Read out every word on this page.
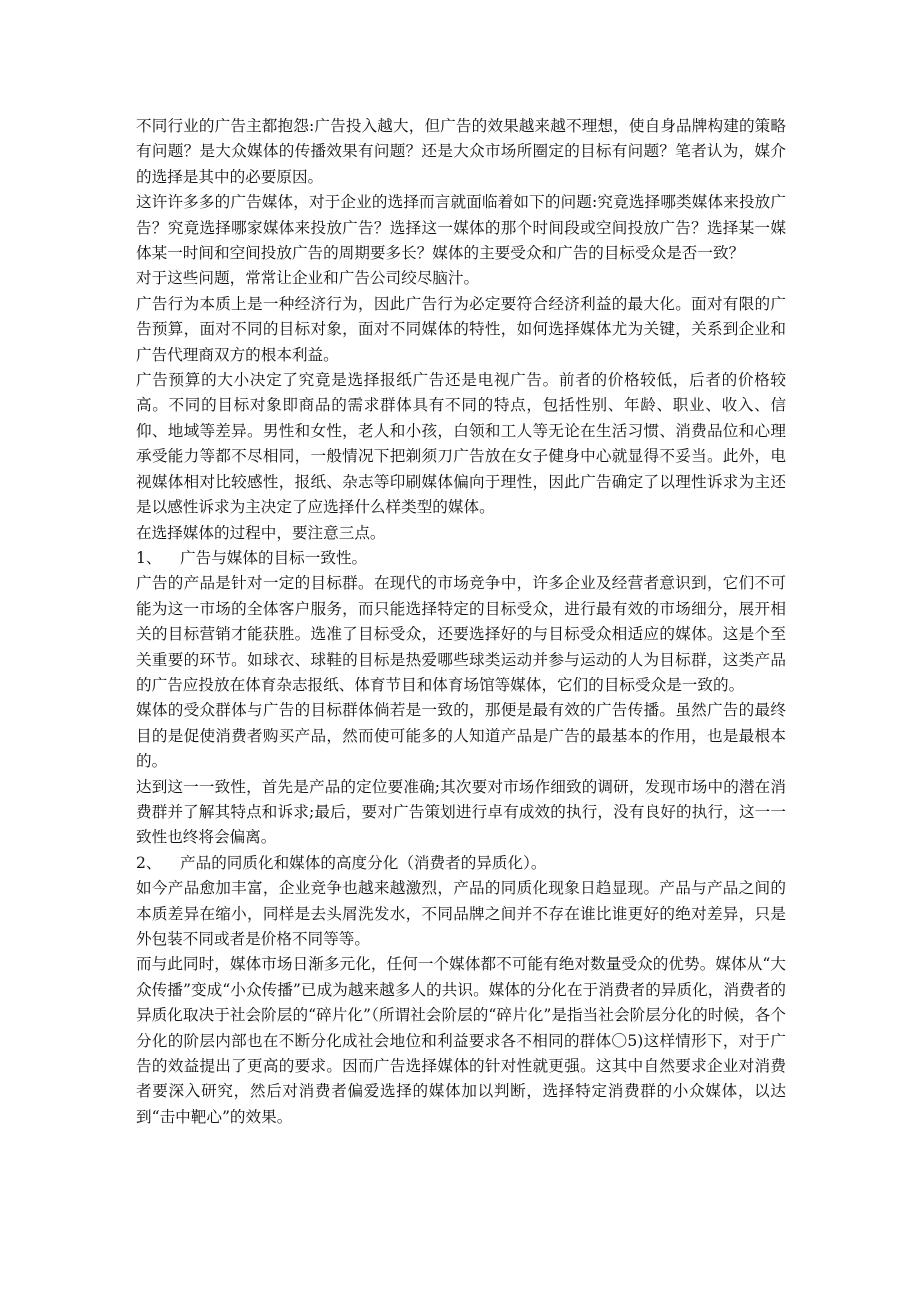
不同行业的广告主都抱怨:广告投入越大，但广告的效果越来越不理想，使自身品牌构建的策略有问题？是大众媒体的传播效果有问题？还是大众市场所圈定的目标有问题？笔者认为，媒介的选择是其中的必要原因。

这许许多多的广告媒体，对于企业的选择而言就面临着如下的问题:究竟选择哪类媒体来投放广告？究竟选择哪家媒体来投放广告？选择这一媒体的那个时间段或空间投放广告？选择某一媒体某一时间和空间投放广告的周期要多长？媒体的主要受众和广告的目标受众是否一致？

对于这些问题，常常让企业和广告公司绞尽脑汁。

广告行为本质上是一种经济行为，因此广告行为必定要符合经济利益的最大化。面对有限的广告预算，面对不同的目标对象，面对不同媒体的特性，如何选择媒体尤为关键，关系到企业和广告代理商双方的根本利益。

广告预算的大小决定了究竟是选择报纸广告还是电视广告。前者的价格较低，后者的价格较高。不同的目标对象即商品的需求群体具有不同的特点，包括性别、年龄、职业、收入、信仰、地域等差异。男性和女性，老人和小孩，白领和工人等无论在生活习惯、消费品位和心理承受能力等都不尽相同，一般情况下把剃须刀广告放在女子健身中心就显得不妥当。此外，电视媒体相对比较感性，报纸、杂志等印刷媒体偏向于理性，因此广告确定了以理性诉求为主还是以感性诉求为主决定了应选择什么样类型的媒体。

在选择媒体的过程中，要注意三点。

1、	广告与媒体的目标一致性。

广告的产品是针对一定的目标群。在现代的市场竞争中，许多企业及经营者意识到，它们不可能为这一市场的全体客户服务，而只能选择特定的目标受众，进行最有效的市场细分，展开相关的目标营销才能获胜。选准了目标受众，还要选择好的与目标受众相适应的媒体。这是个至关重要的环节。如球衣、球鞋的目标是热爱哪些球类运动并参与运动的人为目标群，这类产品的广告应投放在体育杂志报纸、体育节目和体育场馆等媒体，它们的目标受众是一致的。

媒体的受众群体与广告的目标群体倘若是一致的，那便是最有效的广告传播。虽然广告的最终目的是促使消费者购买产品，然而使可能多的人知道产品是广告的最基本的作用，也是最根本的。

达到这一一致性，首先是产品的定位要准确;其次要对市场作细致的调研，发现市场中的潜在消费群并了解其特点和诉求;最后，要对广告策划进行卓有成效的执行，没有良好的执行，这一一致性也终将会偏离。

2、	产品的同质化和媒体的高度分化（消费者的异质化）。

如今产品愈加丰富，企业竞争也越来越激烈，产品的同质化现象日趋显现。产品与产品之间的本质差异在缩小，同样是去头屑洗发水，不同品牌之间并不存在谁比谁更好的绝对差异，只是外包装不同或者是价格不同等等。

而与此同时，媒体市场日渐多元化，任何一个媒体都不可能有绝对数量受众的优势。媒体从“大众传播”变成“小众传播”已成为越来越多人的共识。媒体的分化在于消费者的异质化，消费者的异质化取决于社会阶层的“碎片化”（所谓社会阶层的“碎片化”是指当社会阶层分化的时候，各个分化的阶层内部也在不断分化成社会地位和利益要求各不相同的群体〇5)这样情形下，对于广告的效益提出了更高的要求。因而广告选择媒体的针对性就更强。这其中自然要求企业对消费者要深入研究，然后对消费者偏爱选择的媒体加以判断，选择特定消费群的小众媒体，以达到“击中靶心”的效果。
